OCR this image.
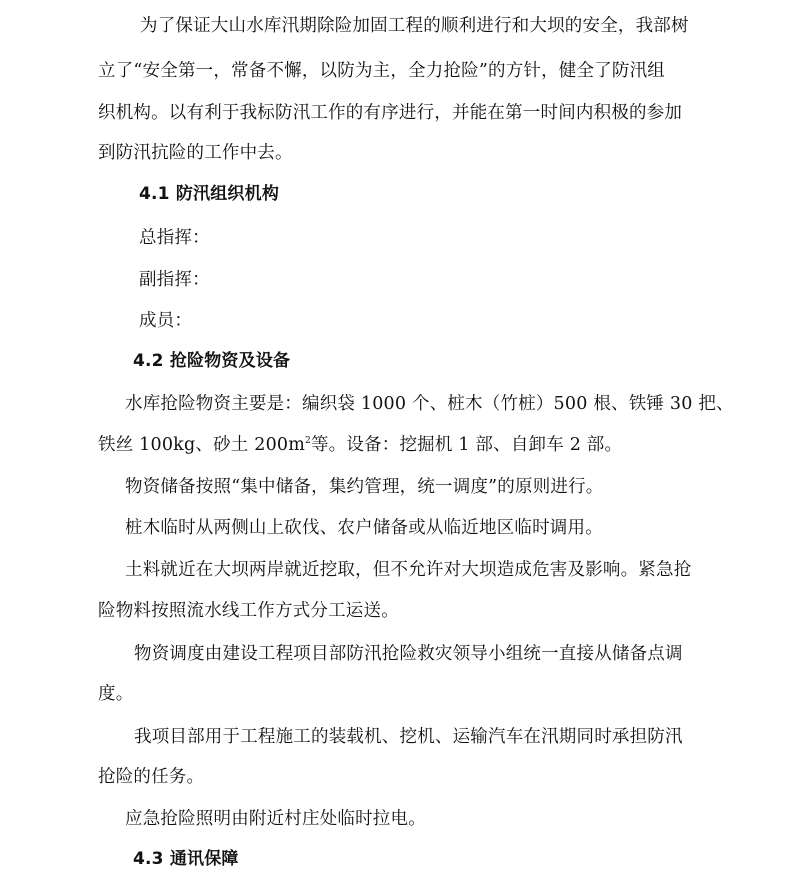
为了保证大山水库汛期除险加固工程的顺利进行和大坝的安全，我部树
立了“安全第一，常备不懈，以防为主，全力抢险”的方针，健全了防汛组
织机构。以有利于我标防汛工作的有序进行，并能在第一时间内积极的参加
到防汛抗险的工作中去。
4.1 防汛组织机构
总指挥：
副指挥：
成员：
4.2 抢险物资及设备
水库抢险物资主要是：编织袋 1000 个、桩木（竹桩）500 根、铁锤 30 把、
铁丝 100kg、砂土 $200m^2$等。设备：挖掘机 1 部、自卸车 2 部。
物资储备按照“集中储备，集约管理，统一调度”的原则进行。
桩木临时从两侧山上砍伐、农户储备或从临近地区临时调用。
土料就近在大坝两岸就近挖取，但不允许对大坝造成危害及影响。紧急抢
险物料按照流水线工作方式分工运送。
物资调度由建设工程项目部防汛抢险救灾领导小组统一直接从储备点调
度。
我项目部用于工程施工的装载机、挖机、运输汽车在汛期同时承担防汛
抢险的任务。
应急抢险照明由附近村庄处临时拉电。
4.3 通讯保障
